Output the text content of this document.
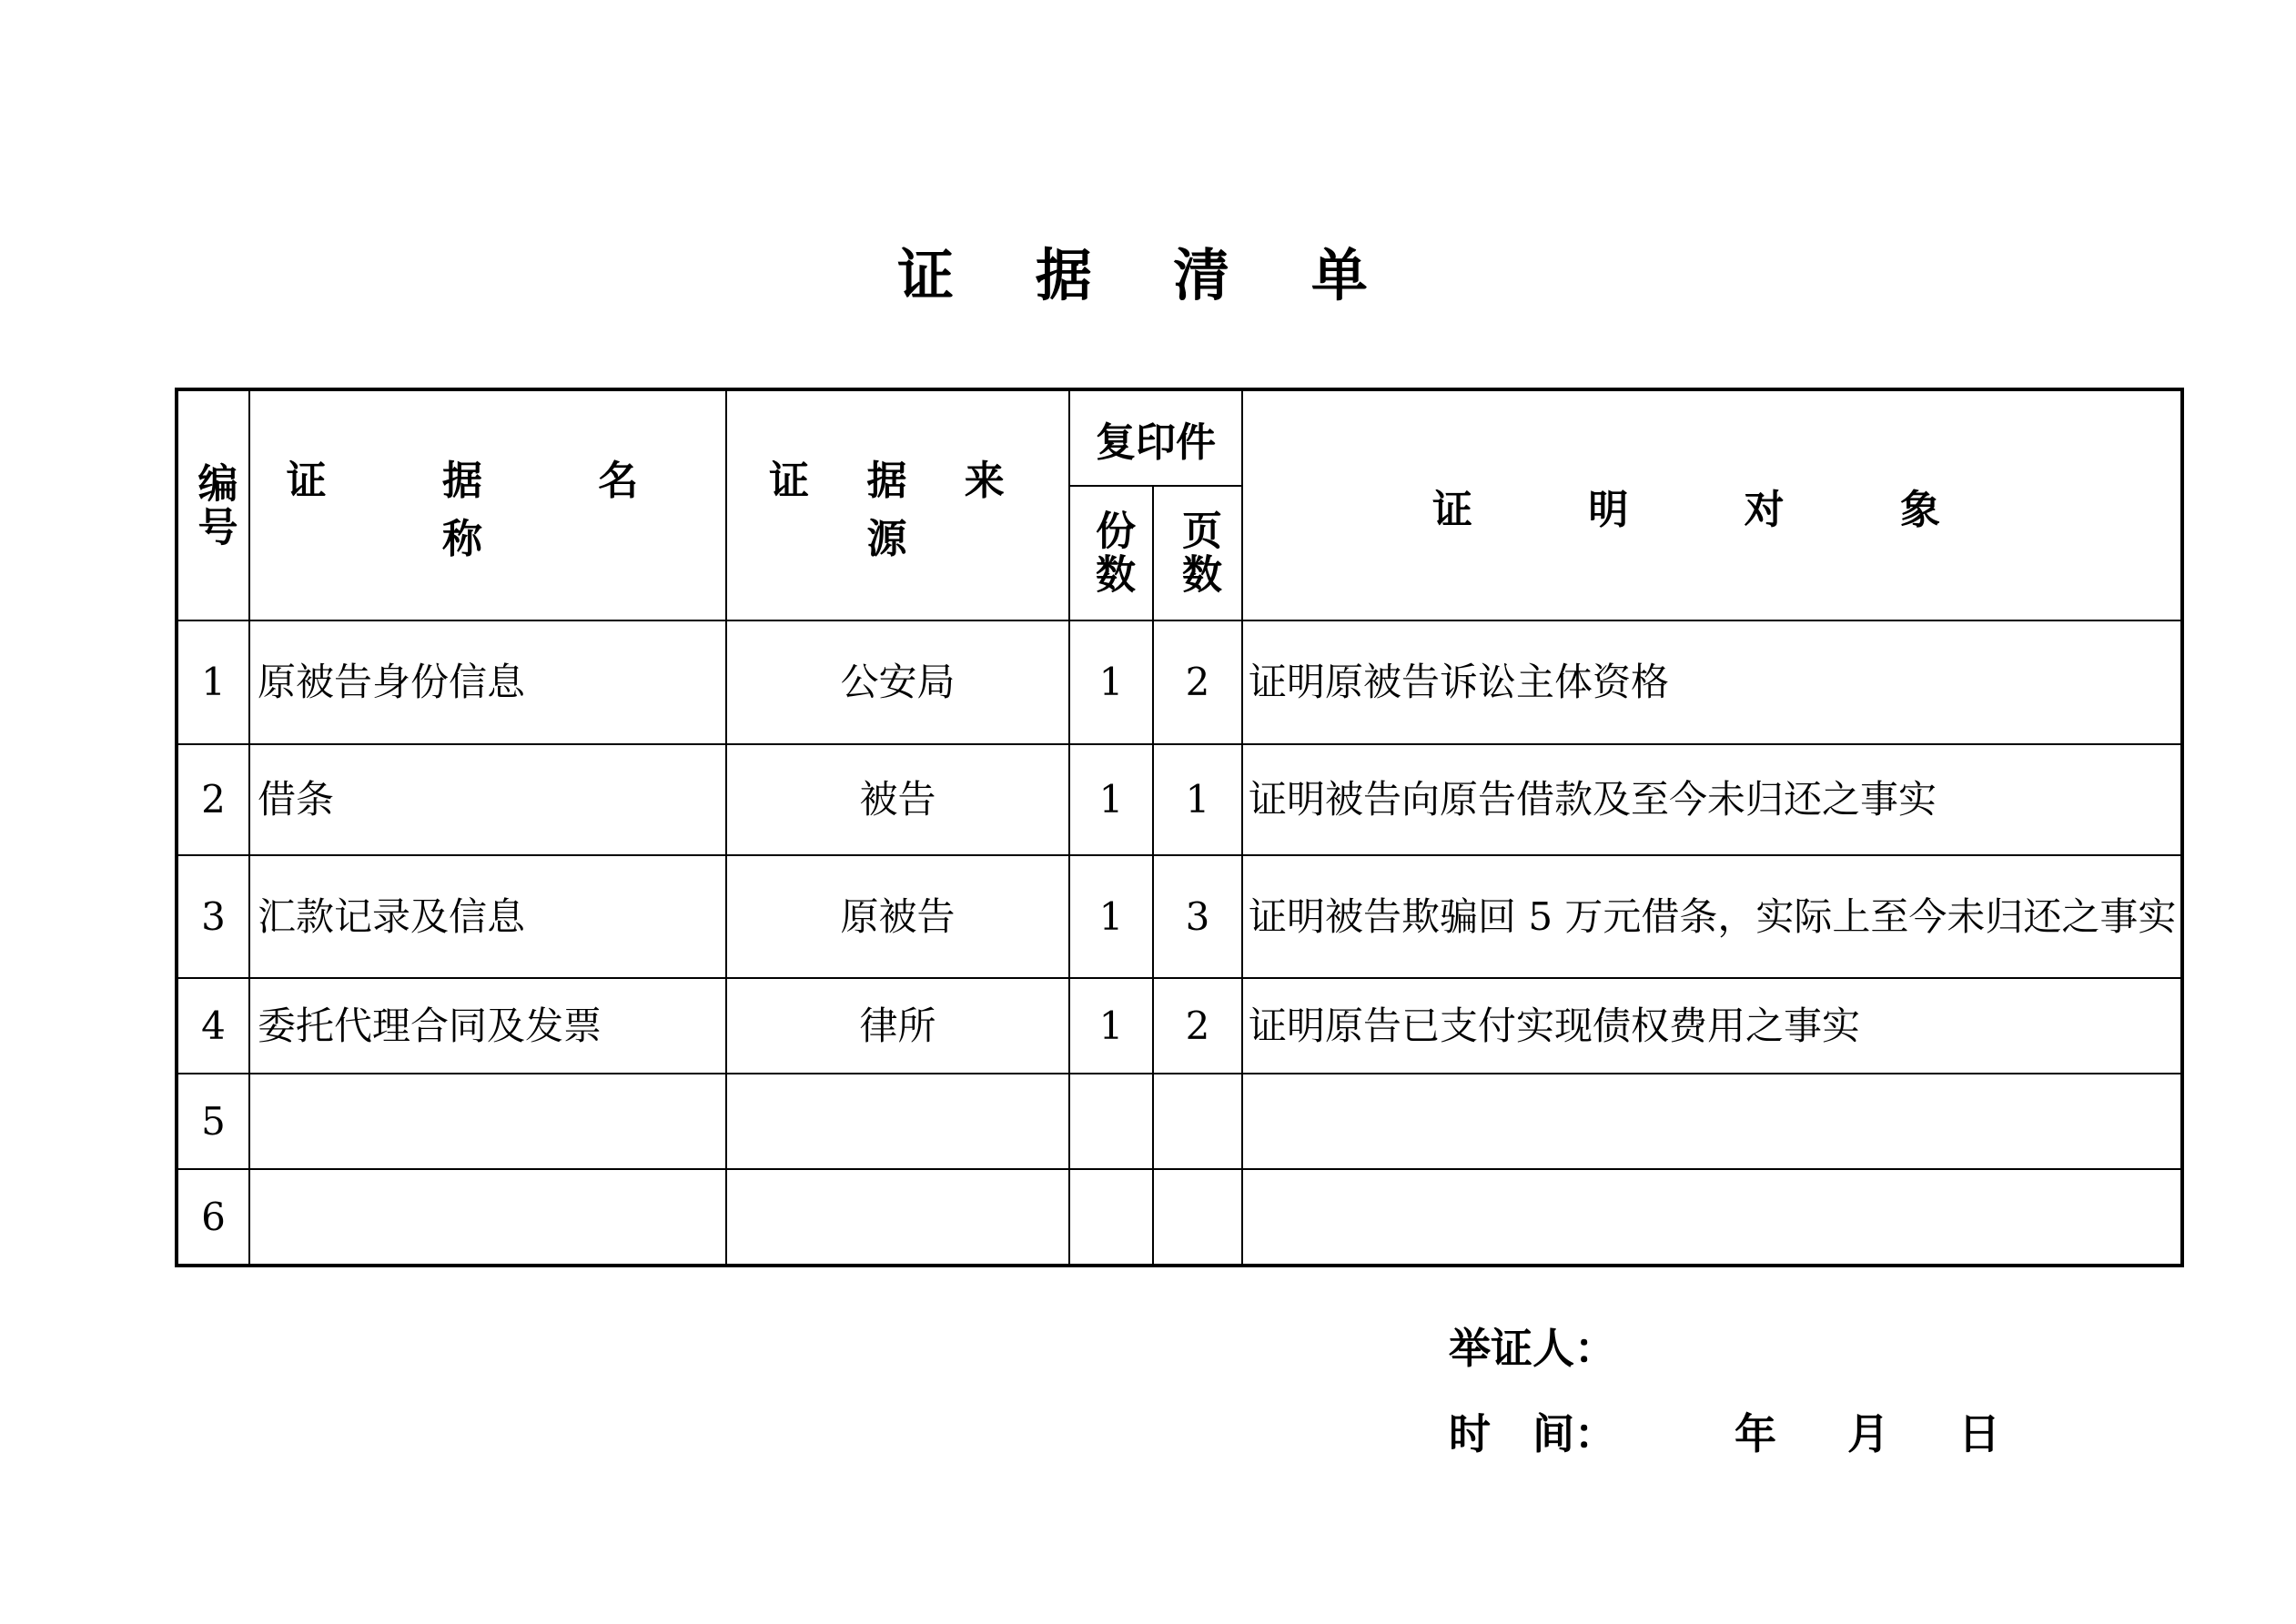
证 据 清 单
编号	证 据 名 称	证 据 来 源	复印件		证 明 对 象
			份数	页数	
1	原被告身份信息	公安局	1	2	证明原被告诉讼主体资格
2	借条	被告	1	1	证明被告向原告借款及至今未归还之事实
3	汇款记录及信息	原被告	1	3	证明被告欺骗回 5 万元借条，实际上至今未归还之事实
4	委托代理合同及发票	律所	1	2	证明原告已支付实现债权费用之事实
5					
6					
举证人：
时　间：	年 月 日
